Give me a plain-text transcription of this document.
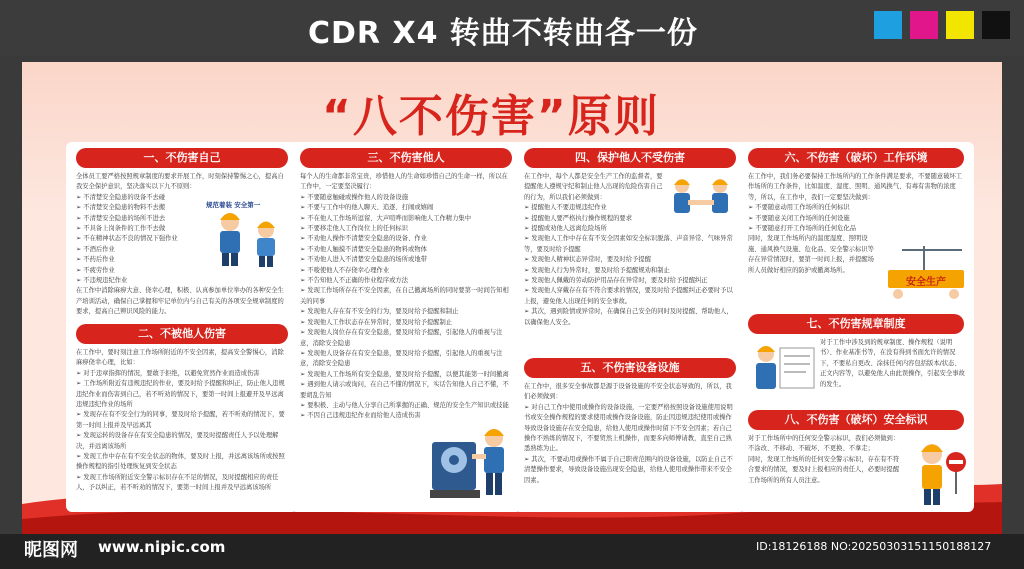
CDR X4 转曲不转曲各一份
“八不伤害”原则
一、不伤害自己

全体员工要严格按照规章制度的要求开展工作，时刻保持警惕之心，提高自我安全保护意识，坚决落实以下九不原则：

➢ 不清楚安全隐患的设备不去碰
➢ 不清楚安全隐患的物料不去搬
➢ 不清楚安全隐患的场所不进去
➢ 不具备上岗条件的工作不去做
➢ 不在精神状态不良的情况下强作业
➢ 不酒后作业
➢ 不药后作业
➢ 不疲劳作业
➢ 不违规违纪作业

在工作中消除麻痹大意、侥幸心理，积极、认真参加单位举办的各种安全生产培训活动，确保自己掌握和牢记单位内与自己有关的各项安全规章制度的要求，提高自己辨识风险的能力。

规范着装 安全第一
二、不被他人伤害

在工作中，要时刻注意工作场所附近的不安全因素，提高安全警惕心，消除麻痹侥幸心理，比如：

➢ 对于违章指挥的情况，要敢于拒绝，以避免贸然作业而造成伤害
➢ 工作场所附近有违规违纪的作业，要及时给予提醒和纠正，防止他人违规违纪作业而伤害到自己，若不听劝的情况下，要第一时间上报避开及早远离违规违纪作业的场所
➢ 发现存在有不安全行为的同事，要及时给予提醒，若不听劝的情况下，要第一时间上报并及早远离其
➢ 发现运转的设备存在有安全隐患的情况，要及时提醒责任人予以处理解决，并远离该场所
➢ 发现工作中存在有不安全状态的物体，要及时上报，并远离该场所或按照操作规程的指引处理恢复到安全状态
➢ 发现工作场所附近安全警示标识存在不足的情况，及时提醒相应的责任人，予以纠正，若不听劝的情况下，要第一时间上报并及早远离该场所
三、不伤害他人

每个人的生命都非常宝贵，珍惜他人的生命如珍惜自己的生命一样，所以在工作中，一定要坚决履行：

➢ 不要随意触碰或操作他人的设备设施
➢ 不要与工作中的他人聊天、追逐、打闹或嬉闹
➢ 不在他人工作场所逗留、大声喧哗而影响他人工作精力集中
➢ 不要移走他人工作岗位上的任何标识
➢ 不劝他人操作不清楚安全隐患的设备、作业
➢ 不劝他人触摸不清楚安全隐患的物料或物体
➢ 不劝他人进入不清楚安全隐患的场所或地带
➢ 不唆使他人不存侥幸心理作业
➢ 不告知他人不正确的作业程序或方法
➢ 发现工作场所存在不安全因素，在自己撤离场所的同时要第一时间告知相关的同事
➢ 发现他人存在有不安全的行为，要及时给予提醒和制止
➢ 发现他人工作状态存在异常时，要及时给予提醒制止
➢ 发现他人岗位存在有安全隐患，要及时给予提醒，引起他人的重视与注意，消除安全隐患
➢ 发现他人设备存在有安全隐患，要及时给予提醒，引起他人的重视与注意，消除安全隐患
➢ 发现他人工作场所有安全隐患，要及时给予提醒，以便其能第一时间撤离
➢ 遇到他人请示或询问，在自己不懂的情况下，实话告知他人自己不懂，不要胡乱告知
➢ 要积极、主动与他人分享自己所掌握的正确、规范的安全生产知识或技能
➢ 不因自己违规违纪作业而给他人造成伤害
四、保护他人不受伤害

在工作中，每个人都是安全生产工作的监督者，要提醒他人遵规守纪和制止他人出现的危险伤害自己的行为，所以我们必须做到：

➢ 提醒他人不要违规违纪作业
➢ 提醒他人要严格执行操作规程的要求
➢ 提醒或劝他人远离危险场所
➢ 发现他人工作中存在有不安全因素如安全标识脱落、声音异常、气味异常等，要及时给予提醒
➢ 发现他人精神状态异常时，要及时给予提醒
➢ 发现他人行为异常时，要及时给予提醒规劝和制止
➢ 发现他人佩戴的劳动防护用品存在异常时，要及时给予提醒纠正
➢ 发现他人穿戴存在有不符合要求的情况，要及时给予提醒纠正必要时予以上报，避免他人出现任何的安全事故。

➢ 其次，遇到险情或异常时，在确保自己安全的同时及时提醒、帮助他人，以确保他人安全。

五、不伤害设备设施

在工作中，很多安全事故都是源于设备设施的不安全状态导致的，所以，我们必须做到：

➢ 对自己工作中使用或操作的设备设施，一定要严格按照设备设施使用说明书或安全操作规程的要求使用或操作设备设施，防止因违规违纪使用或操作导致设备设施存在安全隐患，给他人使用或操作时留下不安全因素；若自己操作不熟练的情况下，不要贸然上机操作，而要多向师傅请教，直至自己熟悉熟练为止。
➢ 其次，不要动用或操作不属于自己职责范围内的设备设施，以防止自己不清楚操作要求，导致设备设施出现安全隐患，给他人使用或操作带来不安全因素。
六、不伤害（破坏）工作环境

在工作中，我们务必要保持工作场所内的工作条件满足要求，不要随意破坏工作场所的工作条件，比如温度、湿度、照明、通风换气、有毒有害物的浓度等，所以，在工作中，我们一定要坚决做到：

➢ 不要随意动用工作场所的任何标识
➢ 不要随意关闭工作场所的任何设施
➢ 不要随意打开工作场所的任何危化品

同时，发现工作场所内的温度湿度、照明设施、通风换气设施、危化品、安全警示标识等存在异常情况时，要第一时间上报，并提醒场所人员做好相应的防护或撤离场所。

安全生产
七、不伤害规章制度

对于工作中涉及到的规章制度、操作规程（说明书）、作业基准书等，在没有得到书面允许的情况下，不要私自更改、涂抹任何内容包括版本/状态、正文内容等，以避免他人由此误操作，引起安全事故的发生。

八、不伤害（破坏）安全标识

对于工作场所中的任何安全警示标识，我们必须做到：不涂改、不移动、不破坏、不更换、不拿走；

同时，发现工作场所的任何安全警示标识，存在有不符合要求的情况，要及时上报相应的责任人，必要时提醒工作场所的所有人员注意。

昵图网 www.nipic.com	ID:18126188 NO:20250303151150188127
